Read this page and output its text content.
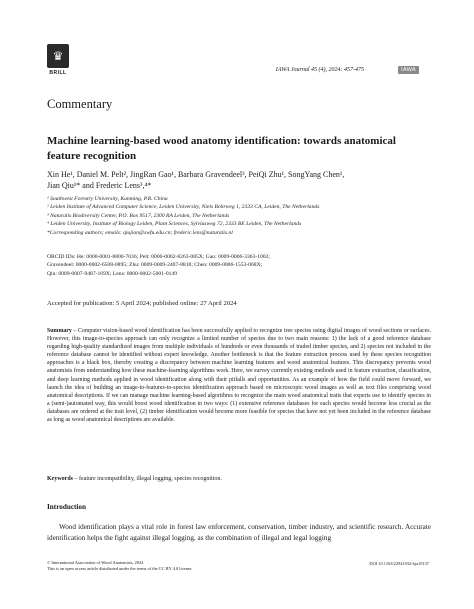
♛
BRILL	IAWA Journal 45 (4), 2024: 457-475	IAWA
Commentary
Machine learning-based wood anatomy identification: towards anatomical feature recognition
Xin He¹, Daniel M. Pelt², JingRan Gao¹, Barbara Gravendeel³, PeiQi Zhu¹, SongYang Chen¹,
Jian Qiu¹* and Frederic Lens³,⁴*
¹ Southwest Forestry University, Kunming, P.R. China
² Leiden Institute of Advanced Computer Science, Leiden University, Niels Bohrweg 1, 2333 CA, Leiden, The Netherlands
³ Naturalis Biodiversity Center, P.O. Box 9517, 2300 RA Leiden, The Netherlands
⁴ Leiden University, Institute of Biology Leiden, Plant Sciences, Sylviusweg 72, 2333 BE Leiden, The Netherlands
*Corresponding authors; emails: qiujian@swfu.edu.cn; frederic.lens@naturalis.nl
ORCID IDs: He: 0000-0001-8800-7036; Pelt: 0000-0002-8263-085X; Gao: 0009-0006-3363-1002;
Gravendeel: 0000-0002-6508-0895; Zhu: 0009-0009-2407-8818; Chen: 0009-0006-1553-068X;
Qiu: 0009-0007-9487-169X; Lens: 0000-0002-5001-0149
Accepted for publication: 5 April 2024; published online: 27 April 2024
Summary – Computer vision-based wood identification has been successfully applied to recognize tree species using digital images of wood sections or surfaces. However, this image-to-species approach can only recognize a limited number of species due to two main reasons: 1) the lack of a good reference database regarding high-quality standardized images from multiple individuals of hundreds or even thousands of traded timber species, and 2) species not included in the reference database cannot be identified without expert knowledge. Another bottleneck is that the feature extraction process used by these species recognition approaches is a black box, thereby creating a discrepancy between machine learning features and wood anatomical features. This discrepancy prevents wood anatomists from understanding how these machine-learning algorithms work. Here, we survey currently existing methods used in feature extraction, classification, and deep learning methods applied in wood identification along with their pitfalls and opportunities. As an example of how the field could move forward, we launch the idea of building an image-to-features-to-species identification approach based on microscopic wood images as well as text files comprising wood anatomical descriptions. If we can manage machine learning-based algorithms to recognize the main wood anatomical traits that experts use to identify species in a (semi-)automated way, this would boost wood identification in two ways: (1) extensive reference databases for each species would become less crucial as the databases are ordered at the trait level, (2) timber identification would become more feasible for species that have not yet been included in the reference database as long as wood anatomical descriptions are available.
Keywords – feature incompatibility, illegal logging, species recognition.
Introduction
Wood identification plays a vital role in forest law enforcement, conservation, timber industry, and scientific research. Accurate identification helps the fight against illegal logging, as the combination of illegal and legal logging
© International Association of Wood Anatomists, 2024
This is an open access article distributed under the terms of the CC BY 4.0 license.
DOI 10.1163/22941932-bja10137
